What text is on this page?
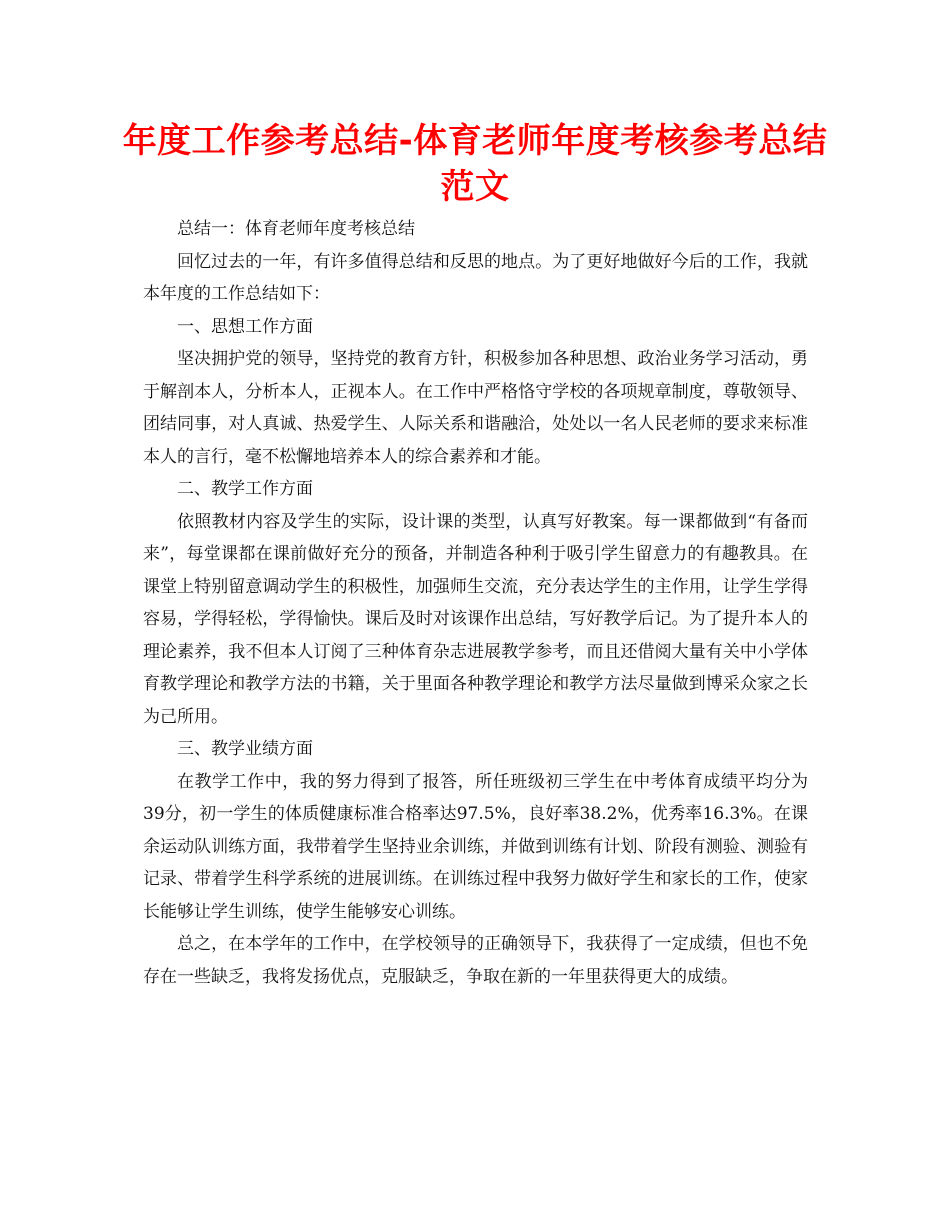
年度工作参考总结-体育老师年度考核参考总结范文

总结一：体育老师年度考核总结

回忆过去的一年，有许多值得总结和反思的地点。为了更好地做好今后的工作，我就本年度的工作总结如下：

一、思想工作方面

坚决拥护党的领导，坚持党的教育方针，积极参加各种思想、政治业务学习活动，勇于解剖本人，分析本人，正视本人。在工作中严格恪守学校的各项规章制度，尊敬领导、团结同事，对人真诚、热爱学生、人际关系和谐融洽，处处以一名人民老师的要求来标准本人的言行，毫不松懈地培养本人的综合素养和才能。

二、教学工作方面

依照教材内容及学生的实际，设计课的类型，认真写好教案。每一课都做到“有备而来”，每堂课都在课前做好充分的预备，并制造各种利于吸引学生留意力的有趣教具。在课堂上特别留意调动学生的积极性，加强师生交流，充分表达学生的主作用，让学生学得容易，学得轻松，学得愉快。课后及时对该课作出总结，写好教学后记。为了提升本人的理论素养，我不但本人订阅了三种体育杂志进展教学参考，而且还借阅大量有关中小学体育教学理论和教学方法的书籍，关于里面各种教学理论和教学方法尽量做到博采众家之长为己所用。

三、教学业绩方面

在教学工作中，我的努力得到了报答，所任班级初三学生在中考体育成绩平均分为39分，初一学生的体质健康标准合格率达97.5%，良好率38.2%，优秀率16.3%。在课余运动队训练方面，我带着学生坚持业余训练，并做到训练有计划、阶段有测验、测验有记录、带着学生科学系统的进展训练。在训练过程中我努力做好学生和家长的工作，使家长能够让学生训练，使学生能够安心训练。

总之，在本学年的工作中，在学校领导的正确领导下，我获得了一定成绩，但也不免存在一些缺乏，我将发扬优点，克服缺乏，争取在新的一年里获得更大的成绩。
